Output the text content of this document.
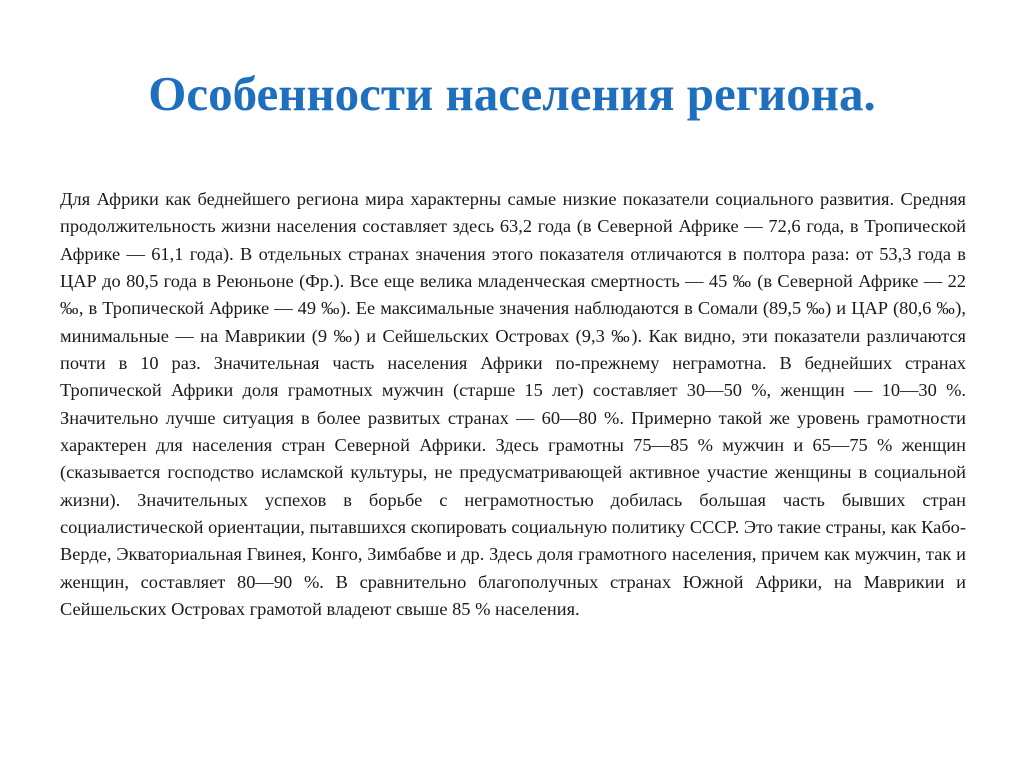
Особенности населения региона.

Для Африки как беднейшего региона мира характерны самые низкие показатели социального развития. Средняя продолжительность жизни населения составляет здесь 63,2 года (в Северной Африке — 72,6 года, в Тропической Африке — 61,1 года). В отдельных странах значения этого показателя отличаются в полтора раза: от 53,3 года в ЦАР до 80,5 года в Реюньоне (Фр.). Все еще велика младенческая смертность — 45 ‰ (в Северной Африке — 22 ‰, в Тропической Африке — 49 ‰). Ее максимальные значения наблюдаются в Сомали (89,5 ‰) и ЦАР (80,6 ‰), минимальные — на Маврикии (9 ‰) и Сейшельских Островах (9,3 ‰). Как видно, эти показатели различаются почти в 10 раз. Значительная часть населения Африки по-прежнему неграмотна. В беднейших странах Тропической Африки доля грамотных мужчин (старше 15 лет) составляет 30—50 %, женщин — 10—30 %. Значительно лучше ситуация в более развитых странах — 60—80 %. Примерно такой же уровень грамотности характерен для населения стран Северной Африки. Здесь грамотны 75—85 % мужчин и 65—75 % женщин (сказывается господство исламской культуры, не предусматривающей активное участие женщины в социальной жизни). Значительных успехов в борьбе с неграмотностью добилась большая часть бывших стран социалистической ориентации, пытавшихся скопировать социальную политику СССР. Это такие страны, как Кабо-Верде, Экваториальная Гвинея, Конго, Зимбабве и др. Здесь доля грамотного населения, причем как мужчин, так и женщин, составляет 80—90 %. В сравнительно благополучных странах Южной Африки, на Маврикии и Сейшельских Островах грамотой владеют свыше 85 % населения.
